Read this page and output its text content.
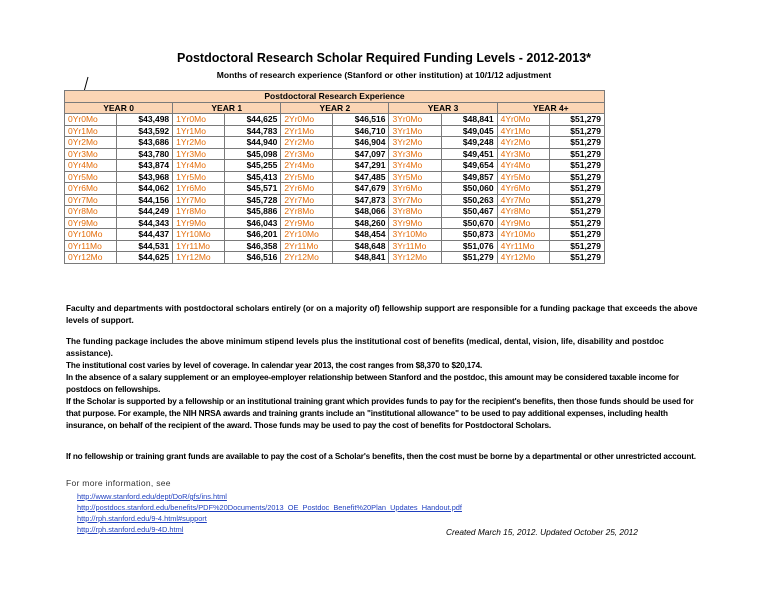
Postdoctoral Research Scholar Required Funding Levels - 2012-2013*
Months of research experience (Stanford or other institution) at 10/1/12 adjustment
Postdoctoral Research Experience									
YEAR 0		YEAR 1		YEAR 2		YEAR 3		YEAR 4+	
0Yr0Mo	$43,498	1Yr0Mo	$44,625	2Yr0Mo	$46,516	3Yr0Mo	$48,841	4Yr0Mo	$51,279
0Yr1Mo	$43,592	1Yr1Mo	$44,783	2Yr1Mo	$46,710	3Yr1Mo	$49,045	4Yr1Mo	$51,279
0Yr2Mo	$43,686	1Yr2Mo	$44,940	2Yr2Mo	$46,904	3Yr2Mo	$49,248	4Yr2Mo	$51,279
0Yr3Mo	$43,780	1Yr3Mo	$45,098	2Yr3Mo	$47,097	3Yr3Mo	$49,451	4Yr3Mo	$51,279
0Yr4Mo	$43,874	1Yr4Mo	$45,255	2Yr4Mo	$47,291	3Yr4Mo	$49,654	4Yr4Mo	$51,279
0Yr5Mo	$43,968	1Yr5Mo	$45,413	2Yr5Mo	$47,485	3Yr5Mo	$49,857	4Yr5Mo	$51,279
0Yr6Mo	$44,062	1Yr6Mo	$45,571	2Yr6Mo	$47,679	3Yr6Mo	$50,060	4Yr6Mo	$51,279
0Yr7Mo	$44,156	1Yr7Mo	$45,728	2Yr7Mo	$47,873	3Yr7Mo	$50,263	4Yr7Mo	$51,279
0Yr8Mo	$44,249	1Yr8Mo	$45,886	2Yr8Mo	$48,066	3Yr8Mo	$50,467	4Yr8Mo	$51,279
0Yr9Mo	$44,343	1Yr9Mo	$46,043	2Yr9Mo	$48,260	3Yr9Mo	$50,670	4Yr9Mo	$51,279
0Yr10Mo	$44,437	1Yr10Mo	$46,201	2Yr10Mo	$48,454	3Yr10Mo	$50,873	4Yr10Mo	$51,279
0Yr11Mo	$44,531	1Yr11Mo	$46,358	2Yr11Mo	$48,648	3Yr11Mo	$51,076	4Yr11Mo	$51,279
0Yr12Mo	$44,625	1Yr12Mo	$46,516	2Yr12Mo	$48,841	3Yr12Mo	$51,279	4Yr12Mo	$51,279
Faculty and departments with postdoctoral scholars entirely (or on a majority of) fellowship support are responsible for a funding package that exceeds the above levels of support.
The funding package includes the above minimum stipend levels plus the institutional cost of benefits (medical, dental, vision, life, disability and postdoc assistance).
The institutional cost varies by level of coverage. In calendar year 2013, the cost ranges from $8,370 to $20,174.
In the absence of a salary supplement or an employee-employer relationship between Stanford and the postdoc, this amount may be considered taxable income for postdocs on fellowships.
If the Scholar is supported by a fellowship or an institutional training grant which provides funds to pay for the recipient's benefits, then those funds should be used for that purpose. For example, the NIH NRSA awards and training grants include an "institutional allowance" to be used to pay additional expenses, including health insurance, on behalf of the recipient of the award. Those funds may be used to pay the cost of benefits for Postdoctoral Scholars.
If no fellowship or training grant funds are available to pay the cost of a Scholar's benefits, then the cost must be borne by a departmental or other unrestricted account.
For more information, see
http://www.stanford.edu/dept/DoR/gfs/ins.html
http://postdocs.stanford.edu/benefits/PDF%20Documents/2013_OE_Postdoc_Benefit%20Plan_Updates_Handout.pdf
http://rph.stanford.edu/9-4.html#support
http://rph.stanford.edu/9-4D.html	Created March 15, 2012. Updated October 25, 2012
